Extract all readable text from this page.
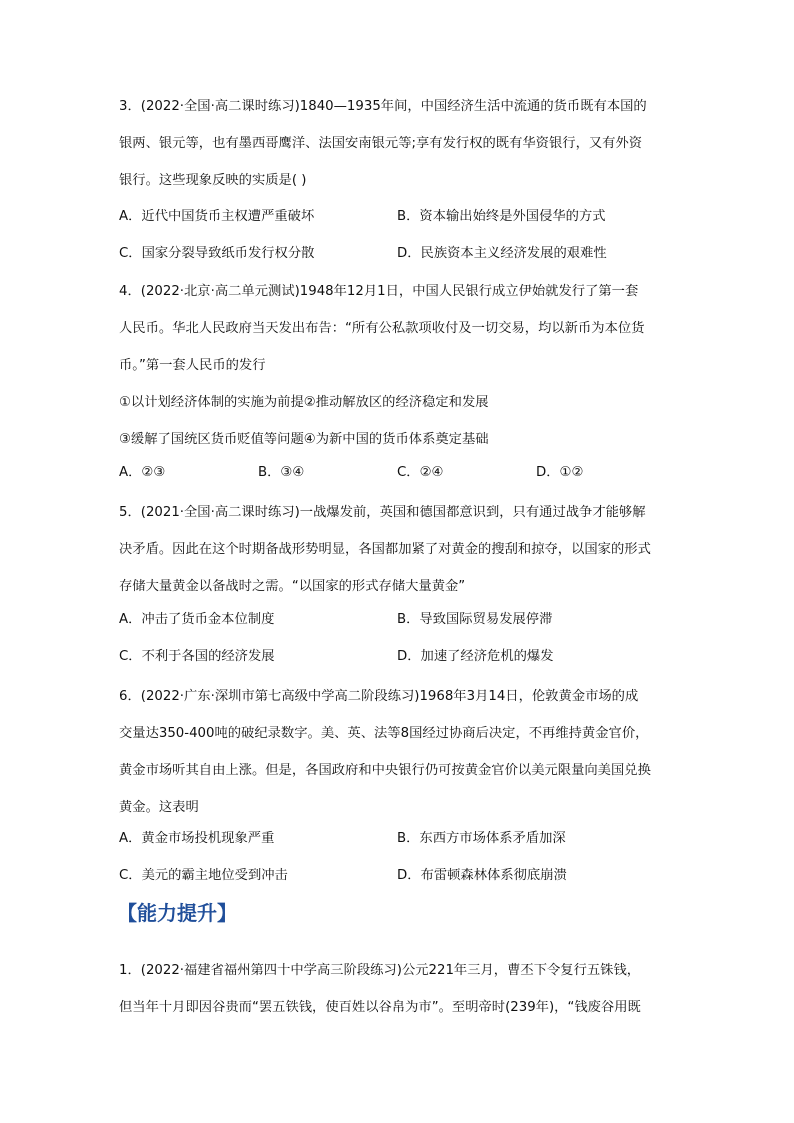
3．(2022·全国·高二课时练习)1840—1935年间，中国经济生活中流通的货币既有本国的
银两、银元等，也有墨西哥鹰洋、法国安南银元等;享有发行权的既有华资银行，又有外资
银行。这些现象反映的实质是( )
A．近代中国货币主权遭严重破坏	B．资本输出始终是外国侵华的方式
C．国家分裂导致纸币发行权分散	D．民族资本主义经济发展的艰难性
4．(2022·北京·高二单元测试)1948年12月1日，中国人民银行成立伊始就发行了第一套
人民币。华北人民政府当天发出布告：“所有公私款项收付及一切交易，均以新币为本位货
币。”第一套人民币的发行
①以计划经济体制的实施为前提②推动解放区的经济稳定和发展
③缓解了国统区货币贬值等问题④为新中国的货币体系奠定基础
A．②③	B．③④	C．②④	D．①②
5．(2021·全国·高二课时练习)一战爆发前，英国和德国都意识到，只有通过战争才能够解
决矛盾。因此在这个时期备战形势明显，各国都加紧了对黄金的搜刮和掠夺，以国家的形式
存储大量黄金以备战时之需。“以国家的形式存储大量黄金”
A．冲击了货币金本位制度	B．导致国际贸易发展停滞
C．不利于各国的经济发展	D．加速了经济危机的爆发
6．(2022·广东·深圳市第七高级中学高二阶段练习)1968年3月14日，伦敦黄金市场的成
交量达350-400吨的破纪录数字。美、英、法等8国经过协商后决定，不再维持黄金官价，
黄金市场听其自由上涨。但是，各国政府和中央银行仍可按黄金官价以美元限量向美国兑换
黄金。这表明
A．黄金市场投机现象严重	B．东西方市场体系矛盾加深
C．美元的霸主地位受到冲击	D．布雷顿森林体系彻底崩溃
【能力提升】
1．(2022·福建省福州第四十中学高三阶段练习)公元221年三月，曹丕下令复行五铢钱，
但当年十月即因谷贵而“罢五铁钱，使百姓以谷帛为市”。至明帝时(239年)，“钱废谷用既
